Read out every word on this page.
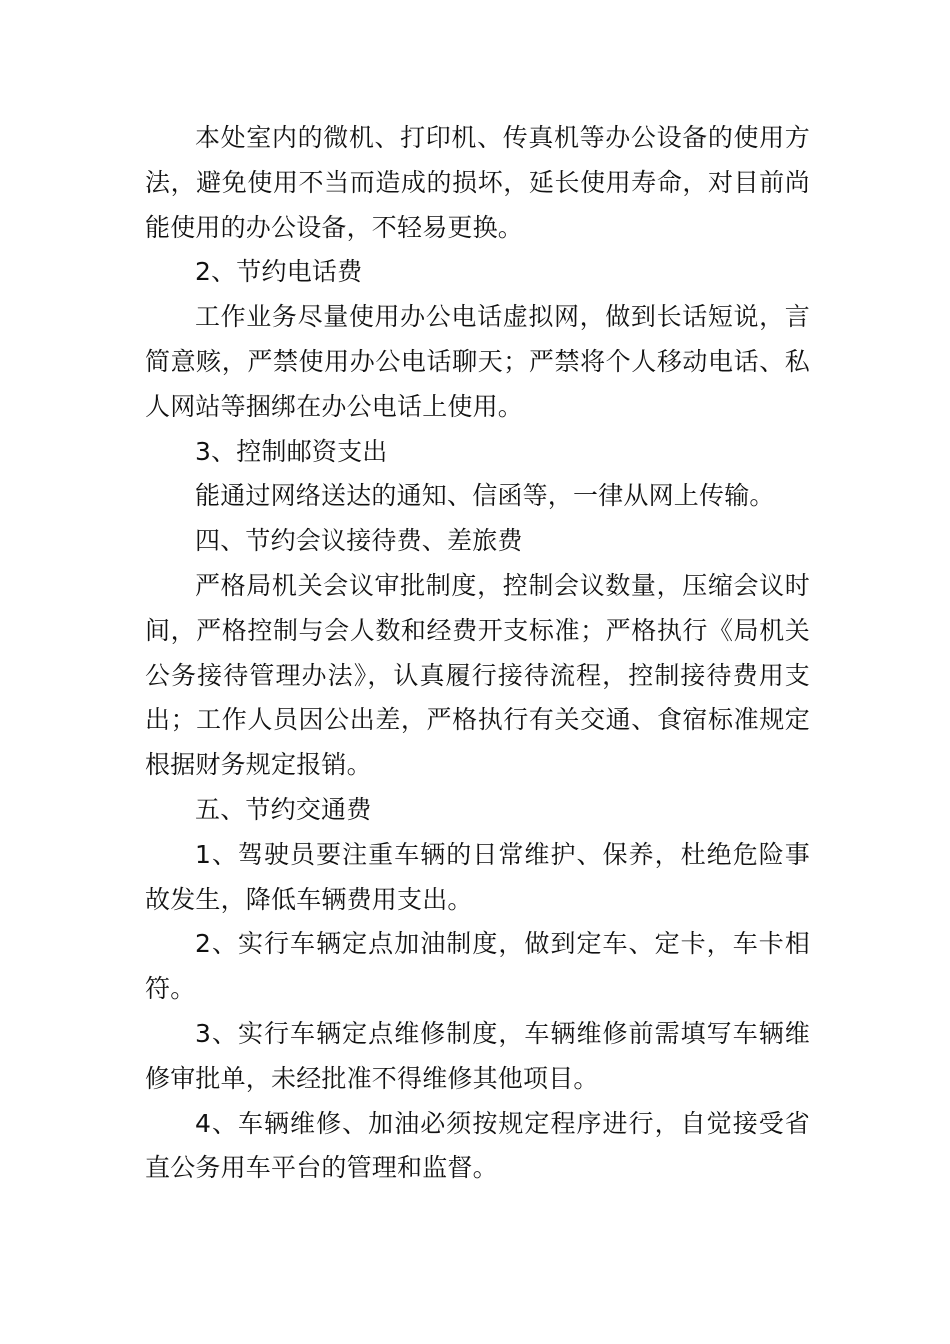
本处室内的微机、打印机、传真机等办公设备的使用方法，避免使用不当而造成的损坏，延长使用寿命，对目前尚能使用的办公设备，不轻易更换。

2、节约电话费

工作业务尽量使用办公电话虚拟网，做到长话短说，言简意赅，严禁使用办公电话聊天；严禁将个人移动电话、私人网站等捆绑在办公电话上使用。

3、控制邮资支出

能通过网络送达的通知、信函等，一律从网上传输。

四、节约会议接待费、差旅费

严格局机关会议审批制度，控制会议数量，压缩会议时间，严格控制与会人数和经费开支标准；严格执行《局机关公务接待管理办法》，认真履行接待流程，控制接待费用支出；工作人员因公出差，严格执行有关交通、食宿标准规定根据财务规定报销。

五、节约交通费

1、驾驶员要注重车辆的日常维护、保养，杜绝危险事故发生，降低车辆费用支出。

2、实行车辆定点加油制度，做到定车、定卡，车卡相符。

3、实行车辆定点维修制度，车辆维修前需填写车辆维修审批单，未经批准不得维修其他项目。

4、车辆维修、加油必须按规定程序进行，自觉接受省直公务用车平台的管理和监督。
